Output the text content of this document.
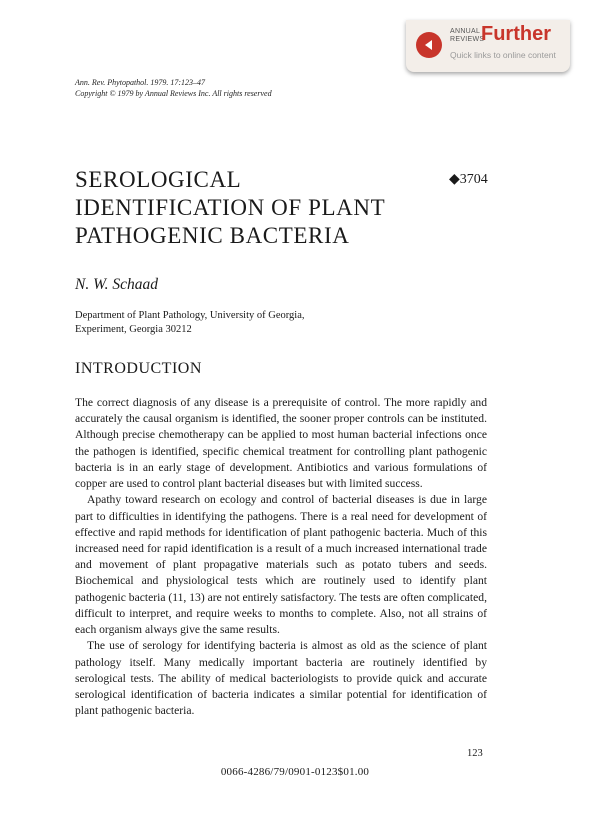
ANNUAL REVIEWS
Further
Quick links to online content
Ann. Rev. Phytopathol. 1979. 17:123–47
Copyright © 1979 by Annual Reviews Inc. All rights reserved
SEROLOGICAL
IDENTIFICATION OF PLANT
PATHOGENIC BACTERIA
◆3704
N. W. Schaad
Department of Plant Pathology, University of Georgia,
Experiment, Georgia 30212
INTRODUCTION

The correct diagnosis of any disease is a prerequisite of control. The more rapidly and accurately the causal organism is identified, the sooner proper controls can be instituted. Although precise chemotherapy can be applied to most human bacterial infections once the pathogen is identified, specific chemical treatment for controlling plant pathogenic bacteria is in an early stage of development. Antibiotics and various formulations of copper are used to control plant bacterial diseases but with limited success.

Apathy toward research on ecology and control of bacterial diseases is due in large part to difficulties in identifying the pathogens. There is a real need for development of effective and rapid methods for identification of plant pathogenic bacteria. Much of this increased need for rapid identification is a result of a much increased international trade and movement of plant propagative materials such as potato tubers and seeds. Biochemical and physiological tests which are routinely used to identify plant pathogenic bacteria (11, 13) are not entirely satisfactory. The tests are often complicated, difficult to interpret, and require weeks to months to complete. Also, not all strains of each organism always give the same results.

The use of serology for identifying bacteria is almost as old as the science of plant pathology itself. Many medically important bacteria are routinely identified by serological tests. The ability of medical bacteriologists to provide quick and accurate serological identification of bacteria indicates a similar potential for identification of plant pathogenic bacteria.

123
0066-4286/79/0901-0123$01.00
